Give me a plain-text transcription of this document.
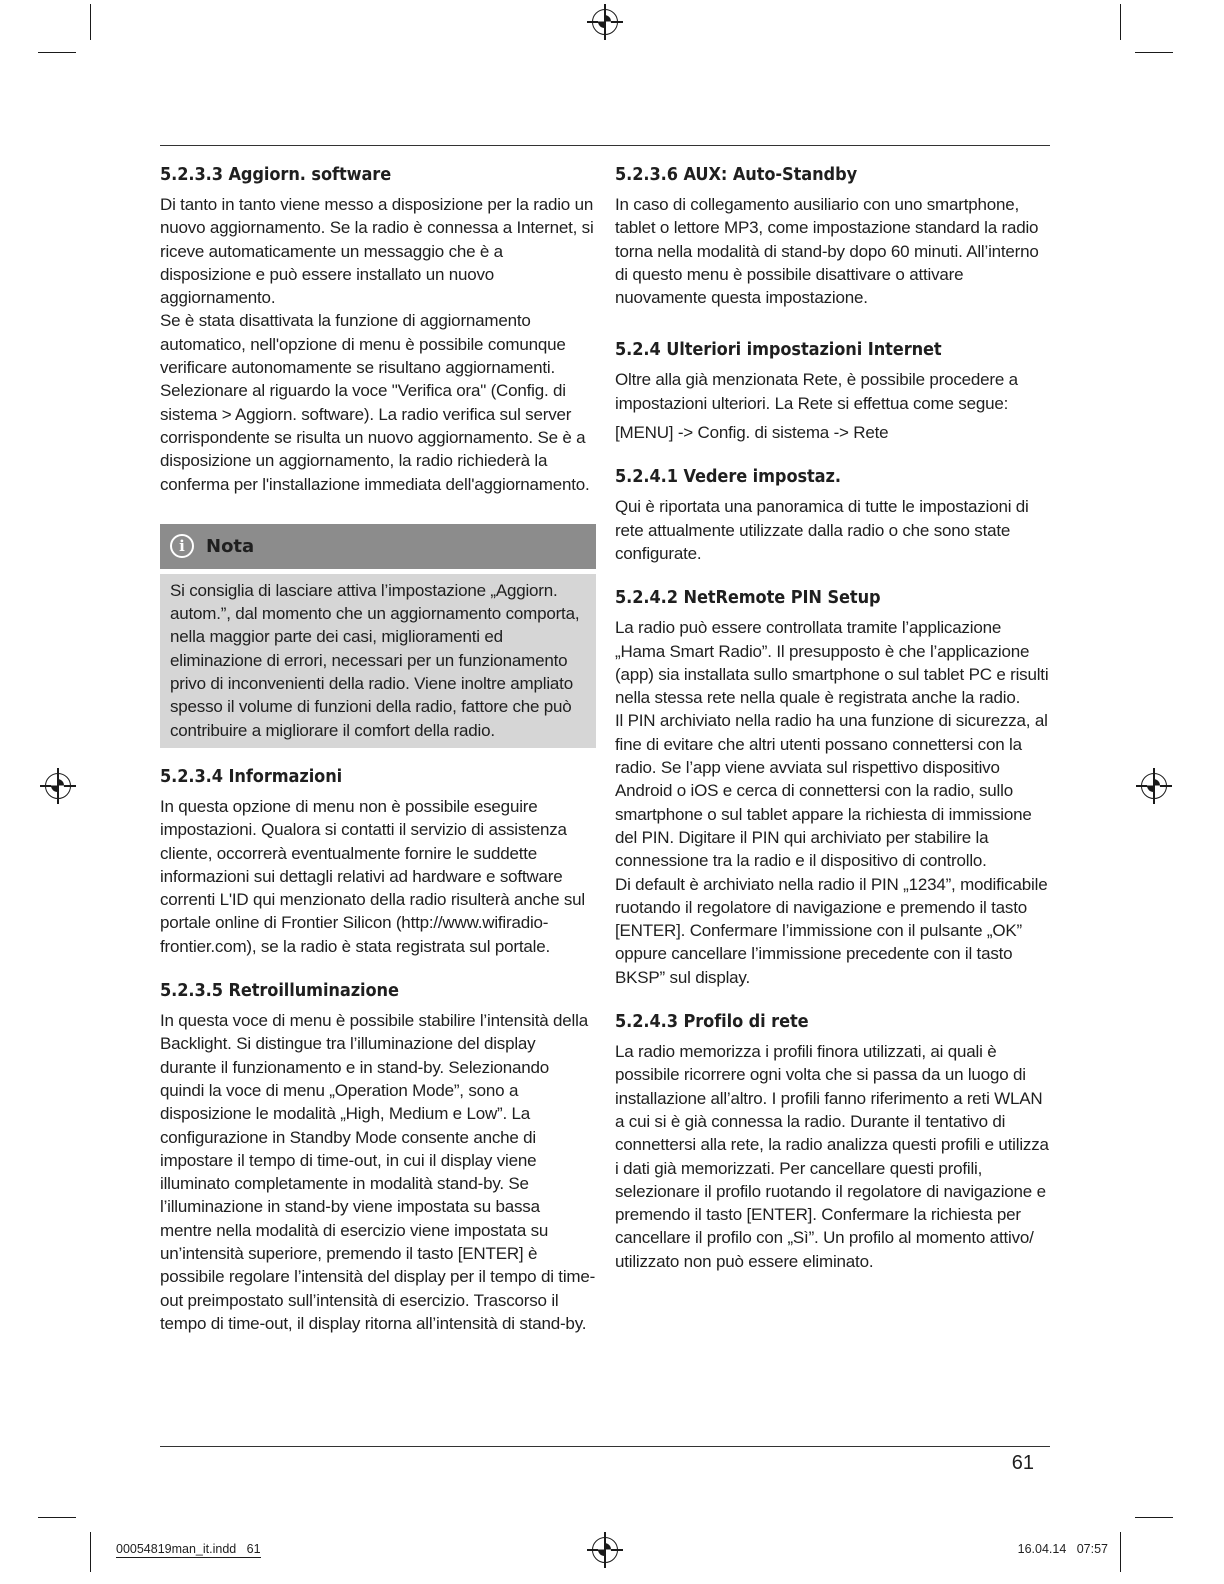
5.2.3.3 Aggiorn. software

Di tanto in tanto viene messo a disposizione per la radio un nuovo aggiornamento. Se la radio è connessa a Internet, si riceve automaticamente un messaggio che è a disposizione e può essere installato un nuovo aggiornamento.

Se è stata disattivata la funzione di aggiornamento automatico, nell'opzione di menu è possibile comunque verificare autonomamente se risultano aggiornamenti. Selezionare al riguardo la voce "Verifica ora" (Config. di sistema > Aggiorn. software). La radio verifica sul server corrispondente se risulta un nuovo aggiornamento. Se è a disposizione un aggiornamento, la radio richiederà la conferma per l'installazione immediata dell'aggiornamento.

i	Nota

Si consiglia di lasciare attiva l’impostazione „Aggiorn. autom.”, dal momento che un aggiornamento comporta, nella maggior parte dei casi, miglioramenti ed eliminazione di errori, necessari per un funzionamento privo di inconvenienti della radio. Viene inoltre ampliato spesso il volume di funzioni della radio, fattore che può contribuire a migliorare il comfort della radio.

5.2.3.4 Informazioni

In questa opzione di menu non è possibile eseguire impostazioni. Qualora si contatti il servizio di assistenza cliente, occorrerà eventualmente fornire le suddette informazioni sui dettagli relativi ad hardware e software correnti L'ID qui menzionato della radio risulterà anche sul portale online di Frontier Silicon (http://www.wifiradio-frontier.com), se la radio è stata registrata sul portale.

5.2.3.5 Retroilluminazione

In questa voce di menu è possibile stabilire l’intensità della Backlight. Si distingue tra l’illuminazione del display durante il funzionamento e in stand-by. Selezionando quindi la voce di menu „Operation Mode”, sono a disposizione le modalità „High, Medium e Low”. La configurazione in Standby Mode consente anche di impostare il tempo di time-out, in cui il display viene illuminato completamente in modalità stand-by. Se l’illuminazione in stand-by viene impostata su bassa mentre nella modalità di esercizio viene impostata su un’intensità superiore, premendo il tasto [ENTER] è possibile regolare l’intensità del display per il tempo di time-out preimpostato sull’intensità di esercizio. Trascorso il tempo di time-out, il display ritorna all’intensità di stand-by.

5.2.3.6 AUX: Auto-Standby

In caso di collegamento ausiliario con uno smartphone, tablet o lettore MP3, come impostazione standard la radio torna nella modalità di stand-by dopo 60 minuti. All’interno di questo menu è possibile disattivare o attivare nuovamente questa impostazione.

5.2.4 Ulteriori impostazioni Internet

Oltre alla già menzionata Rete, è possibile procedere a impostazioni ulteriori. La Rete si effettua come segue:

[MENU] -> Config. di sistema -> Rete

5.2.4.1 Vedere impostaz.

Qui è riportata una panoramica di tutte le impostazioni di rete attualmente utilizzate dalla radio o che sono state configurate.

5.2.4.2 NetRemote PIN Setup

La radio può essere controllata tramite l’applicazione „Hama Smart Radio”. Il presupposto è che l’applicazione (app) sia installata sullo smartphone o sul tablet PC e risulti nella stessa rete nella quale è registrata anche la radio.

Il PIN archiviato nella radio ha una funzione di sicurezza, al fine di evitare che altri utenti possano connettersi con la radio. Se l’app viene avviata sul rispettivo dispositivo Android o iOS e cerca di connettersi con la radio, sullo smartphone o sul tablet appare la richiesta di immissione del PIN. Digitare il PIN qui archiviato per stabilire la connessione tra la radio e il dispositivo di controllo.

Di default è archiviato nella radio il PIN „1234”, modificabile ruotando il regolatore di navigazione e premendo il tasto [ENTER]. Confermare l’immissione con il pulsante „OK” oppure cancellare l’immissione precedente con il tasto BKSP” sul display.

5.2.4.3 Profilo di rete

La radio memorizza i profili finora utilizzati, ai quali è possibile ricorrere ogni volta che si passa da un luogo di installazione all’altro. I profili fanno riferimento a reti WLAN a cui si è già connessa la radio. Durante il tentativo di connettersi alla rete, la radio analizza questi profili e utilizza i dati già memorizzati. Per cancellare questi profili, selezionare il profilo ruotando il regolatore di navigazione e premendo il tasto [ENTER]. Confermare la richiesta per cancellare il profilo con „Sì”. Un profilo al momento attivo/ utilizzato non può essere eliminato.

61
00054819man_it.indd   61	16.04.14   07:57
